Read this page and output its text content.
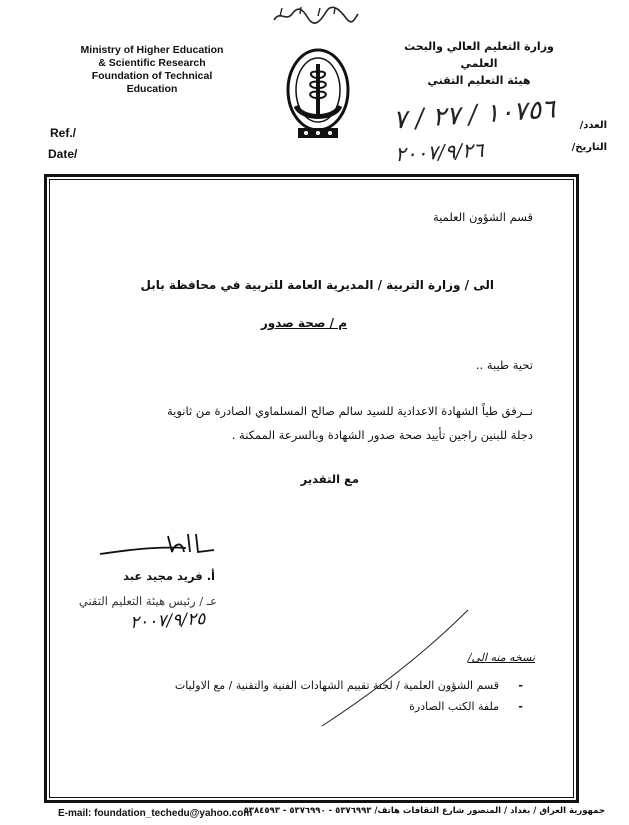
Ministry of Higher Education
& Scientific Research
Foundation of Technical Education
وزارة التعليم العالي والبحث العلمي
هيئة التعليم التقني
Ref./
Date/
العدد/
التاريخ/
١٠٧٥٦ / ٢٧ / ٧
٢٠٠٧/٩/٢٦
قسم الشؤون العلمية
الى / وزارة التربية / المديرية العامة للتربية في محافظة بابل
م / صحة صدور
تحية طيبة ..
نــرفق طياً الشهادة الاعدادية للسيد سالم صالح المسلماوي الصادرة من ثانوية
دجلة للبنين راجين تأييد صحة صدور الشهادة وبالسرعة الممكنة .
مع التقدير
أ. فريد مجيد عبد
عـ / رئيس هيئة التعليم التقني
٢٠٠٧/٩/٢٥
نسخه منه الى/
-
قسم الشؤون العلمية / لجنة تقييم الشهادات الفنية والتقنية / مع الاوليات
-
ملفة الكتب الصادرة
E-mail: foundation_techedu@yahoo.com
جمهورية العراق / بغداد / المنصور شارع الثقافات هاتف/ ٥٣٧٦٩٩٣ - ٥٣٧٦٩٩٠ - ٥٣٨٤٥٩٣
